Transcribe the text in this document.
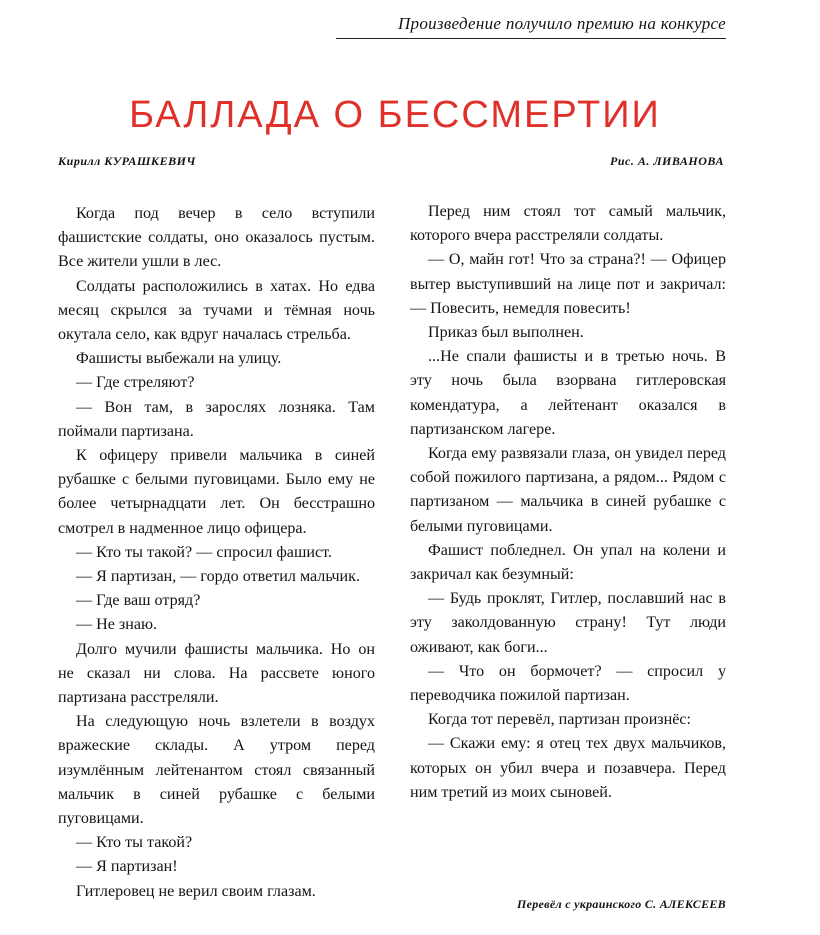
Произведение получило премию на конкурсе
БАЛЛАДА О БЕССМЕРТИИ
Кирилл КУРАШКЕВИЧ	Рис. А. ЛИВАНОВА

Когда под вечер в село вступили фашистские солдаты, оно оказалось пустым. Все жители ушли в лес.

Солдаты расположились в хатах. Но едва месяц скрылся за тучами и тёмная ночь окутала село, как вдруг началась стрельба.

Фашисты выбежали на улицу.

— Где стреляют?

— Вон там, в зарослях лозняка. Там поймали партизана.

К офицеру привели мальчика в синей рубашке с белыми пуговицами. Было ему не более четырнадцати лет. Он бесстрашно смотрел в надменное лицо офицера.

— Кто ты такой? — спросил фашист.

— Я партизан, — гордо ответил мальчик.

— Где ваш отряд?

— Не знаю.

Долго мучили фашисты мальчика. Но он не сказал ни слова. На рассвете юного партизана расстреляли.

На следующую ночь взлетели в воздух вражеские склады. А утром перед изумлённым лейтенантом стоял связанный мальчик в синей рубашке с белыми пуговицами.

— Кто ты такой?

— Я партизан!

Гитлеровец не верил своим глазам.

Перед ним стоял тот самый мальчик, которого вчера расстреляли солдаты.

— О, майн гот! Что за страна?! — Офицер вытер выступивший на лице пот и закричал: — Повесить, немедля повесить!

Приказ был выполнен.

...Не спали фашисты и в третью ночь. В эту ночь была взорвана гитлеровская комендатура, а лейтенант оказался в партизанском лагере.

Когда ему развязали глаза, он увидел перед собой пожилого партизана, а рядом... Рядом с партизаном — мальчика в синей рубашке с белыми пуговицами.

Фашист побледнел. Он упал на колени и закричал как безумный:

— Будь проклят, Гитлер, пославший нас в эту заколдованную страну! Тут люди оживают, как боги...

— Что он бормочет? — спросил у переводчика пожилой партизан.

Когда тот перевёл, партизан произнёс:

— Скажи ему: я отец тех двух мальчиков, которых он убил вчера и позавчера. Перед ним третий из моих сыновей.

Перевёл с украинского С. АЛЕКСЕЕВ
